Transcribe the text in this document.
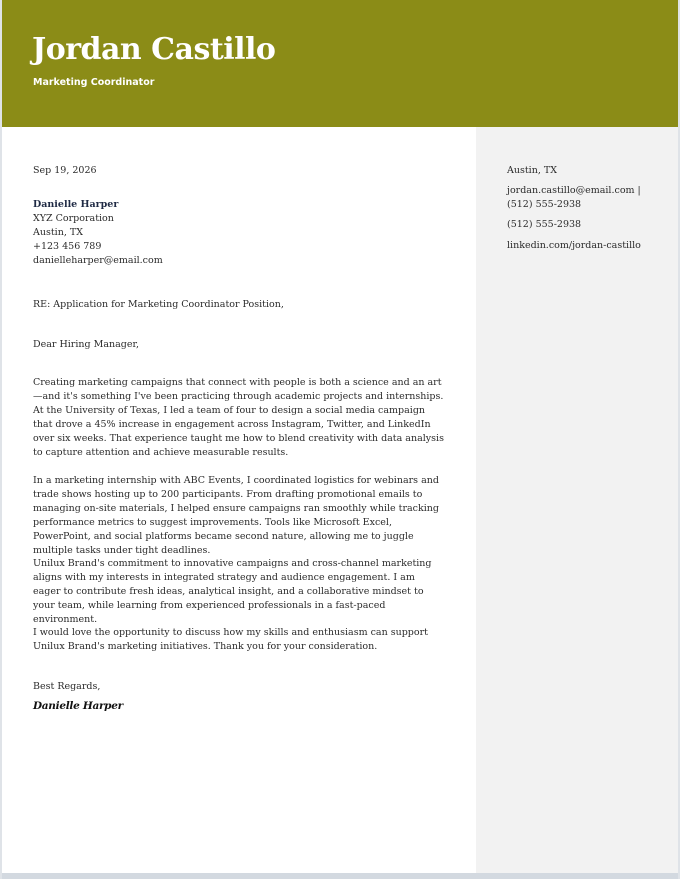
Jordan Castillo
Marketing Coordinator
Austin, TX
jordan.castillo@email.com | (512) 555-2938
(512) 555-2938
linkedin.com/jordan-castillo
Sep 19, 2026
Danielle Harper
XYZ Corporation
Austin, TX
+123 456 789
danielleharper@email.com
RE: Application for Marketing Coordinator Position,
Dear Hiring Manager,
Creating marketing campaigns that connect with people is both a science and an art—and it's something I've been practicing through academic projects and internships. At the University of Texas, I led a team of four to design a social media campaign that drove a 45% increase in engagement across Instagram, Twitter, and LinkedIn over six weeks. That experience taught me how to blend creativity with data analysis to capture attention and achieve measurable results.
In a marketing internship with ABC Events, I coordinated logistics for webinars and trade shows hosting up to 200 participants. From drafting promotional emails to managing on-site materials, I helped ensure campaigns ran smoothly while tracking performance metrics to suggest improvements. Tools like Microsoft Excel, PowerPoint, and social platforms became second nature, allowing me to juggle multiple tasks under tight deadlines.
Unilux Brand's commitment to innovative campaigns and cross-channel marketing aligns with my interests in integrated strategy and audience engagement. I am eager to contribute fresh ideas, analytical insight, and a collaborative mindset to your team, while learning from experienced professionals in a fast-paced environment.
I would love the opportunity to discuss how my skills and enthusiasm can support Unilux Brand's marketing initiatives. Thank you for your consideration.
Best Regards,
Danielle Harper
